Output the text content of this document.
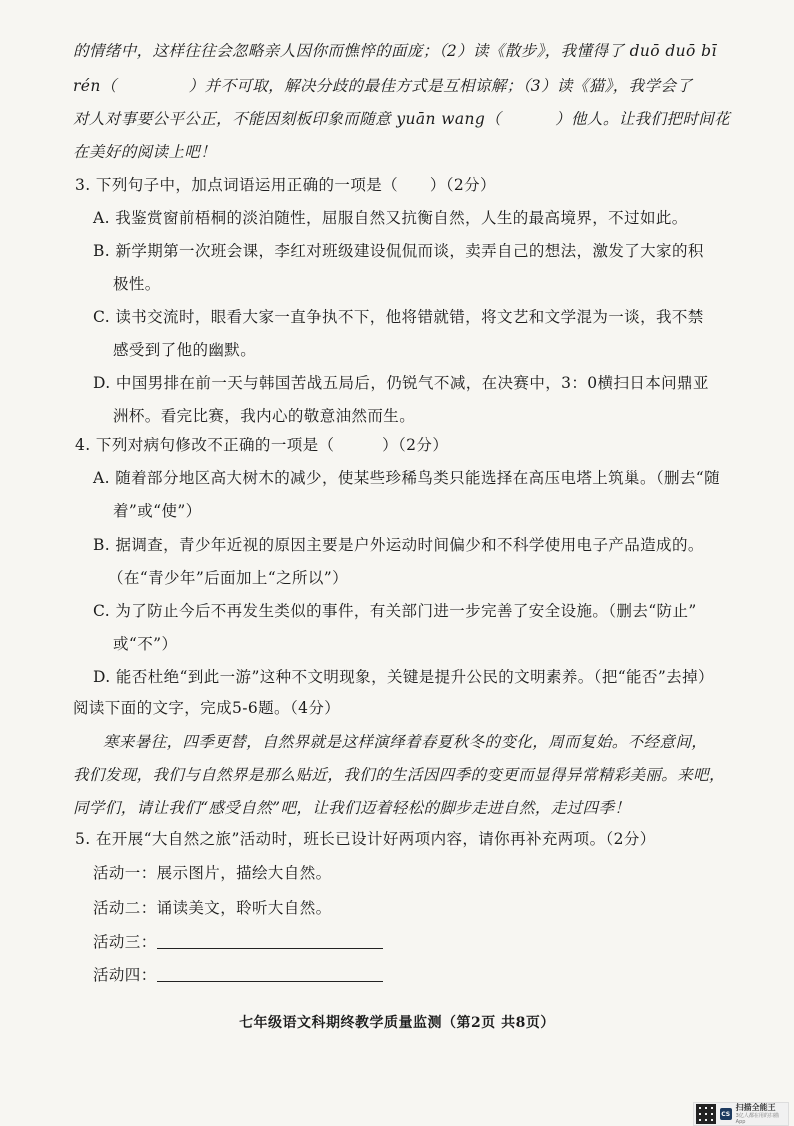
的情绪中，这样往往会忽略亲人因你而憔悴的面庞；（2）读《散步》，我懂得了 duō duō bī
rén（	）并不可取，解决分歧的最佳方式是互相谅解；（3）读《猫》，我学会了
对人对事要公平公正，不能因刻板印象而随意 yuān wang（	）他人。让我们把时间花
在美好的阅读上吧！
3. 下列句子中，加点词语运用正确的一项是（　　）（2分）
A. 我鉴赏窗前梧桐的淡泊随性，屈服自然又抗衡自然，人生的最高境界，不过如此。
B. 新学期第一次班会课，李红对班级建设侃侃而谈，卖弄自己的想法，激发了大家的积
极性。
C. 读书交流时，眼看大家一直争执不下，他将错就错，将文艺和文学混为一谈，我不禁
感受到了他的幽默。
D. 中国男排在前一天与韩国苦战五局后，仍锐气不减，在决赛中，3：0横扫日本问鼎亚
洲杯。看完比赛，我内心的敬意油然而生。
4. 下列对病句修改不正确的一项是（　　　）（2分）
A. 随着部分地区高大树木的减少，使某些珍稀鸟类只能选择在高压电塔上筑巢。（删去“随
着”或“使”）
B. 据调查，青少年近视的原因主要是户外运动时间偏少和不科学使用电子产品造成的。
（在“青少年”后面加上“之所以”）
C. 为了防止今后不再发生类似的事件，有关部门进一步完善了安全设施。（删去“防止”
或“不”）
D. 能否杜绝“到此一游”这种不文明现象，关键是提升公民的文明素养。（把“能否”去掉）
阅读下面的文字，完成5-6题。（4分）
寒来暑往，四季更替，自然界就是这样演绎着春夏秋冬的变化，周而复始。不经意间，
我们发现，我们与自然界是那么贴近，我们的生活因四季的变更而显得异常精彩美丽。来吧，
同学们，请让我们“感受自然”吧，让我们迈着轻松的脚步走进自然，走过四季！
5. 在开展“大自然之旅”活动时，班长已设计好两项内容，请你再补充两项。（2分）
活动一：展示图片，描绘大自然。
活动二：诵读美文，聆听大自然。
活动三：
活动四：
七年级语文科期终教学质量监测（第2页 共8页）
CS
扫描全能王
3亿人都在用的扫描App
